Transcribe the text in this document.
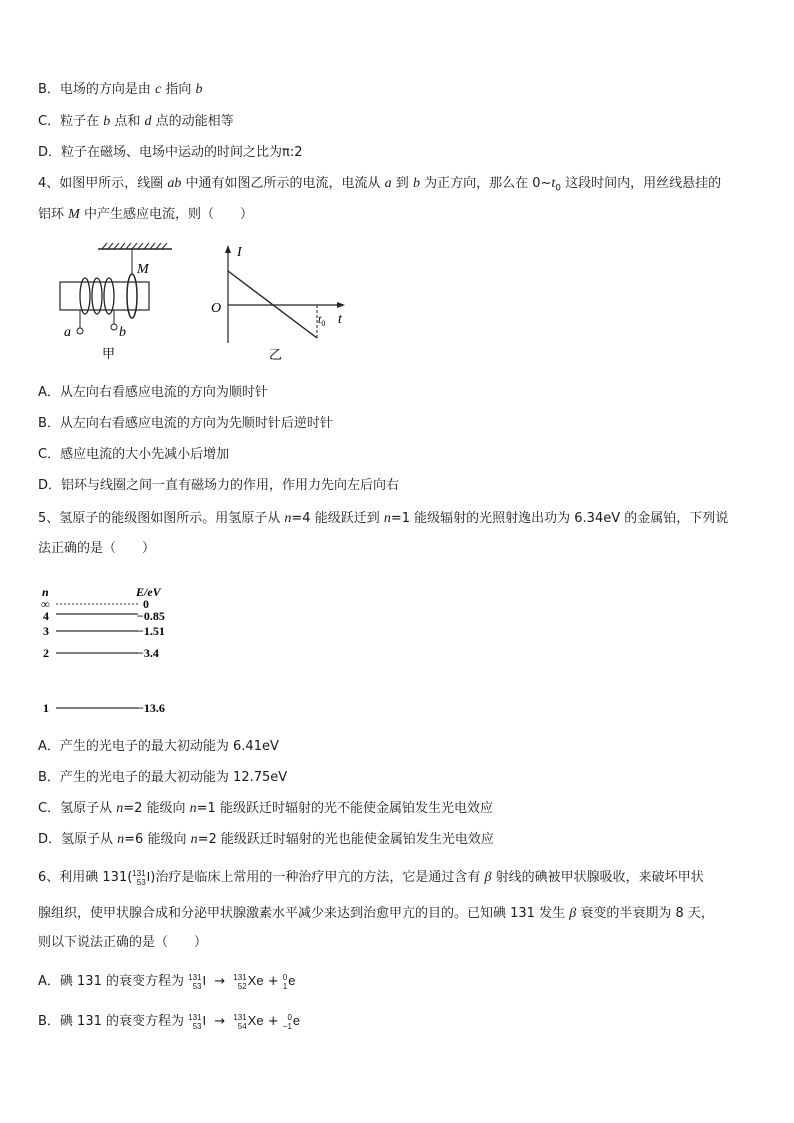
B．电场的方向是由 c 指向 b
C．粒子在 b 点和 d 点的动能相等
D．粒子在磁场、电场中运动的时间之比为π:2
4、如图甲所示，线圈 ab 中通有如图乙所示的电流，电流从 a 到 b 为正方向，那么在 $0\sim t_0$ 这段时间内，用丝线悬挂的
铝环 M 中产生感应电流，则（　　）
M
a	b
甲
I
t
O
$t_0$
乙
A．从左向右看感应电流的方向为顺时针
B．从左向右看感应电流的方向为先顺时针后逆时针
C．感应电流的大小先减小后增加
D．铝环与线圈之间一直有磁场力的作用，作用力先向左后向右
5、氢原子的能级图如图所示。用氢原子从 n=4 能级跃迁到 n=1 能级辐射的光照射逸出功为 6.34eV 的金属铂，下列说
法正确的是（　　）
n	E/eV
∞	0
4	−0.85
3	−1.51
2	−3.4
1	−13.6
A．产生的光电子的最大初动能为 6.41eV
B．产生的光电子的最大初动能为 12.75eV
C．氢原子从 n=2 能级向 n=1 能级跃迁时辐射的光不能使金属铂发生光电效应
D．氢原子从 n=6 能级向 n=2 能级跃迁时辐射的光也能使金属铂发生光电效应
6、利用碘 131( 131
53 I)治疗是临床上常用的一种治疗甲亢的方法，它是通过含有 β 射线的碘被甲状腺吸收，来破坏甲状
腺组织，使甲状腺合成和分泌甲状腺激素水平减少来达到治愈甲亢的目的。已知碘 131 发生 β 衰变的半衰期为 8 天，
则以下说法正确的是（　　）
A．碘 131 的衰变方程为 131
53 I → 131
52 Xe + 0
1 e
B．碘 131 的衰变方程为 131
53 I → 131
54 Xe +	0
−1 e
